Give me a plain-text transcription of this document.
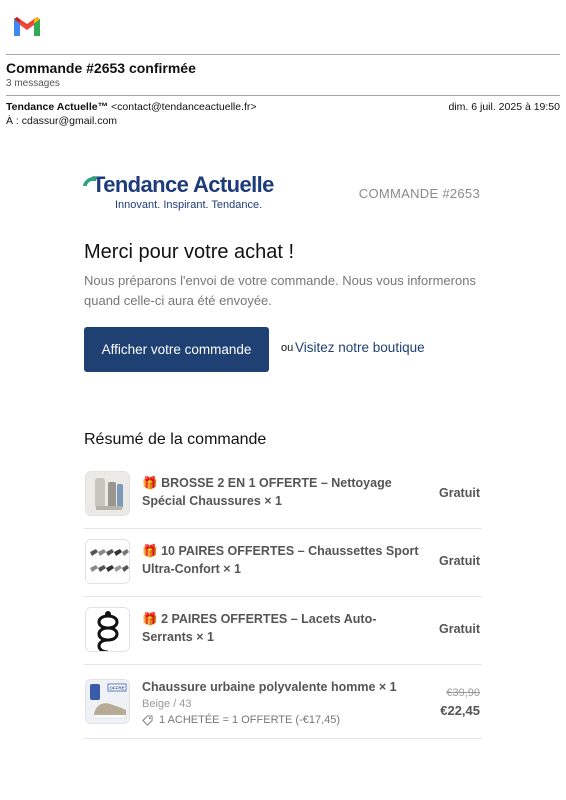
Commande #2653 confirmée
3 messages
Tendance Actuelle™ <contact@tendanceactuelle.fr>	dim. 6 juil. 2025 à 19:50
À : cdassur@gmail.com
Tendance Actuelle
Innovant. Inspirant. Tendance.
COMMANDE #2653
Merci pour votre achat !
Nous préparons l'envoi de votre commande. Nous vous informerons quand celle-ci aura été envoyée.
Afficher votre commande	ou Visitez notre boutique
Résumé de la commande
🎁 BROSSE 2 EN 1 OFFERTE – Nettoyage Spécial Chaussures × 1
Gratuit
🎁 10 PAIRES OFFERTES – Chaussettes Sport Ultra-Confort × 1
Gratuit
🎁 2 PAIRES OFFERTES – Lacets Auto-Serrants × 1
Gratuit
OFFRE Chaussure urbaine polyvalente homme × 1
Beige / 43
1 ACHETÉE = 1 OFFERTE (-€17,45)
€39,90
€22,45
